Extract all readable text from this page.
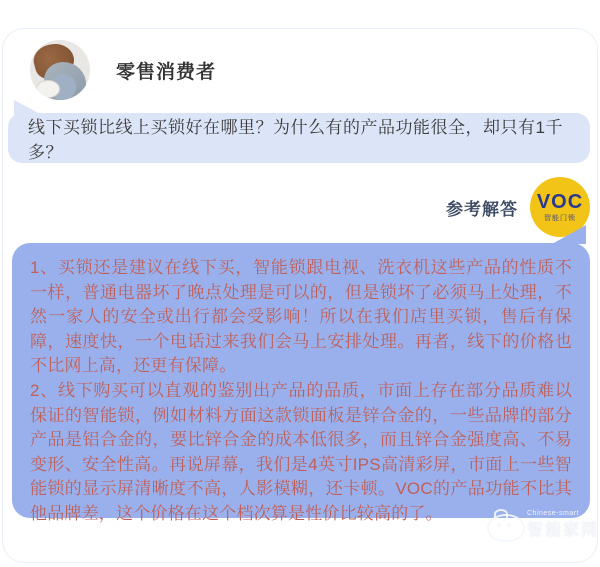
零售消费者
线下买锁比线上买锁好在哪里？为什么有的产品功能很全，却只有1千多？
参考解答 VOC
智能门锁
1、买锁还是建议在线下买，智能锁跟电视、洗衣机这些产品的性质不一样，普通电器坏了晚点处理是可以的，但是锁坏了必须马上处理，不然一家人的安全或出行都会受影响！所以在我们店里买锁，售后有保障，速度快，一个电话过来我们会马上安排处理。再者，线下的价格也不比网上高，还更有保障。
2、线下购买可以直观的鉴别出产品的品质，市面上存在部分品质难以保证的智能锁，例如材料方面这款锁面板是锌合金的，一些品牌的部分产品是铝合金的，要比锌合金的成本低很多，而且锌合金强度高、不易变形、安全性高。再说屏幕，我们是4英寸IPS高清彩屏，市面上一些智能锁的显示屏清晰度不高，人影模糊，还卡顿。VOC的产品功能不比其他品牌差，这个价格在这个档次算是性价比较高的了。	Chinese-smart
智能家网
